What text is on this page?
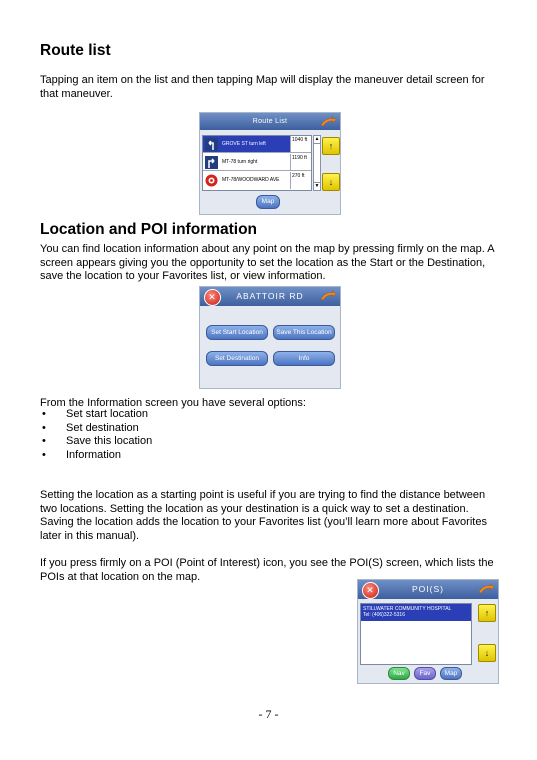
Route list

Tapping an item on the list and then tapping Map will display the maneuver detail screen for that maneuver.

Route List
GROVE ST turn left
1040 ft
MT-78 turn right
1190 ft
MT-78/WOODWARD AVE
270 ft
▲
▼
↑
↓
Map
Location and POI information

You can find location information about any point on the map by pressing firmly on the map. A screen appears giving you the opportunity to set the location as the Start or the Destination, save the location to your Favorites list, or view information.

✕	ABATTOIR RD
Set Start Location	Save This Location
Set Destination	Info

From the Information screen you have several options:

• Set start location
• Set destination
• Save this location
• Information

Setting the location as a starting point is useful if you are trying to find the distance between two locations. Setting the location as your destination is a quick way to set a destination. Saving the location adds the location to your Favorites list (you’ll learn more about Favorites later in this manual).

If you press firmly on a POI (Point of Interest) icon, you see the POI(S) screen, which lists the POIs at that location on the map.

✕	POI(S)
STILLWATER COMMUNITY HOSPITAL
Tel: (406)322-5316	↑
↓
Nav	Fav	Map
- 7 -
